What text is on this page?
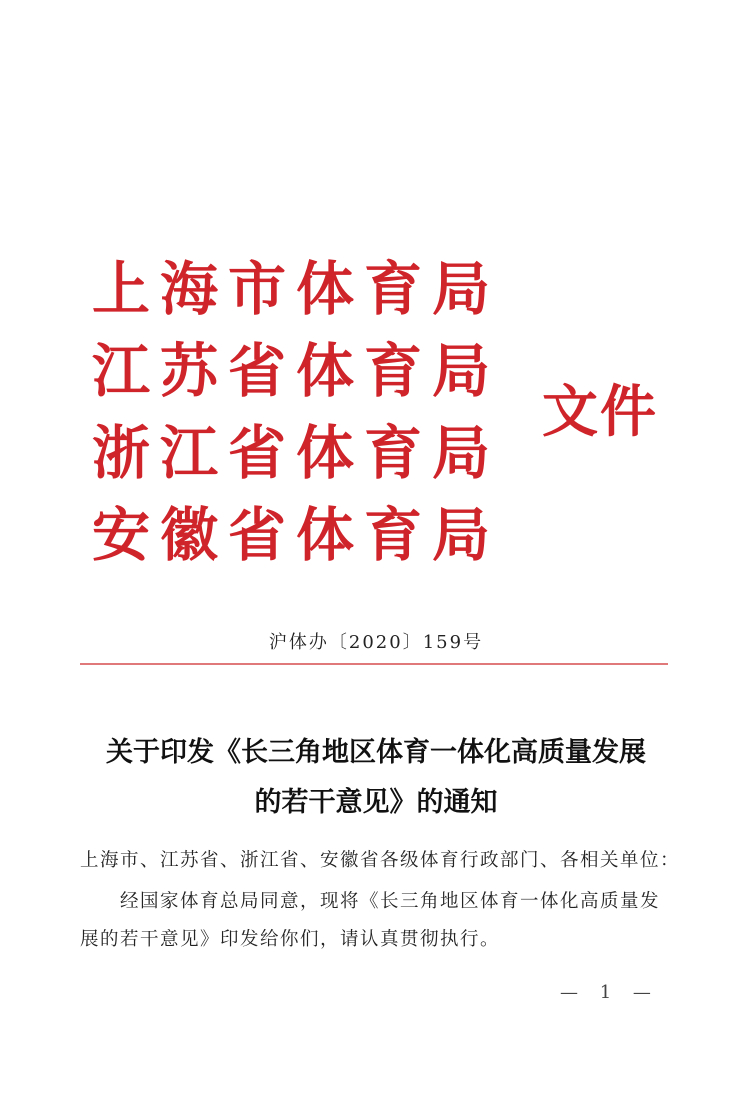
上海市体育局
江苏省体育局
浙江省体育局
安徽省体育局
文件
沪体办〔2020〕159号
关于印发《长三角地区体育一体化高质量发展
的若干意见》的通知
上海市、江苏省、浙江省、安徽省各级体育行政部门、各相关单位：
经国家体育总局同意，现将《长三角地区体育一体化高质量发
展的若干意见》印发给你们，请认真贯彻执行。
— 1 —
